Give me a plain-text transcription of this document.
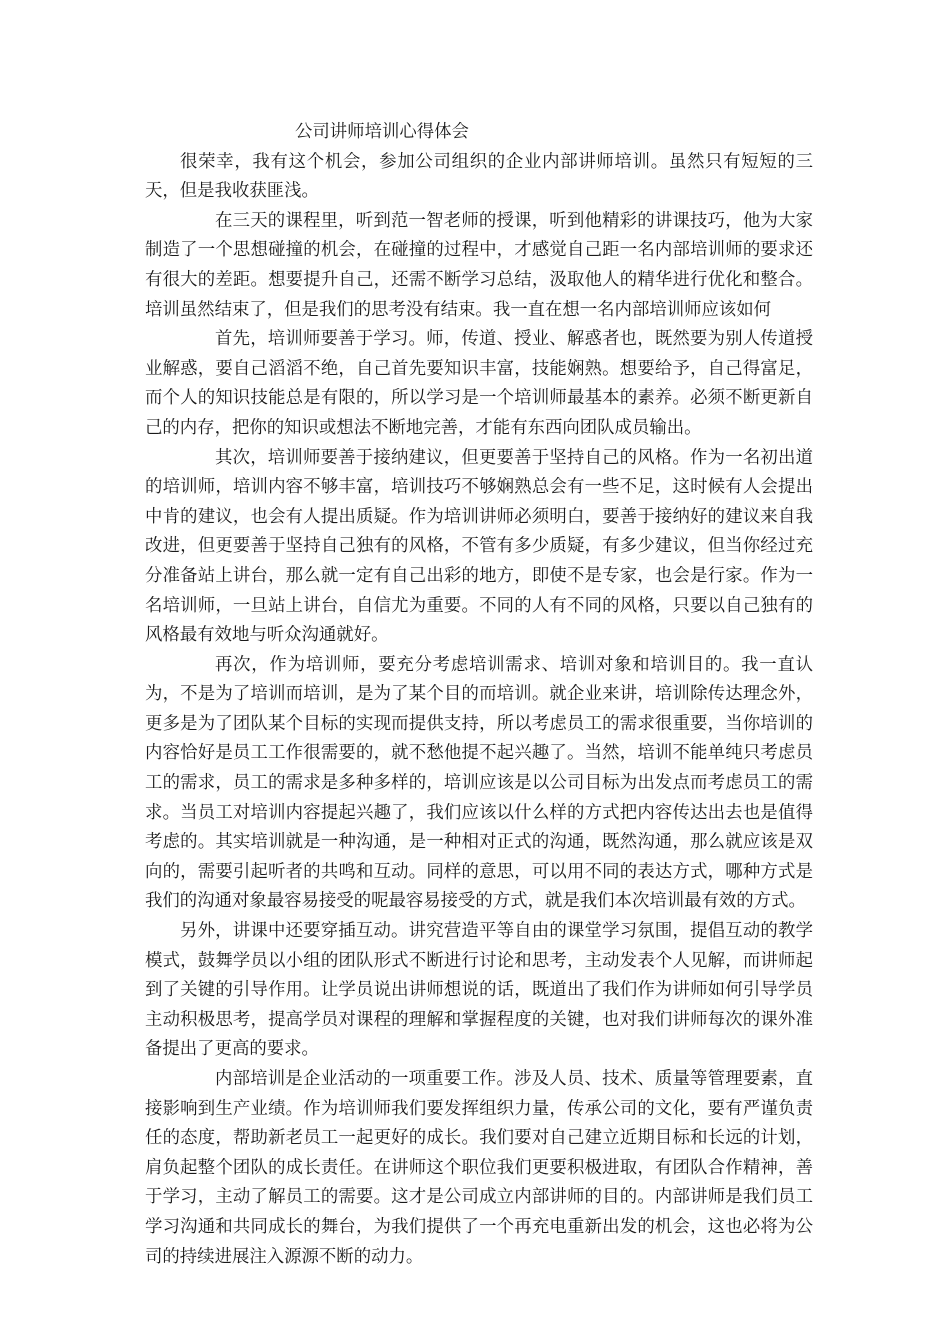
公司讲师培训心得体会

很荣幸，我有这个机会，参加公司组织的企业内部讲师培训。虽然只有短短的三天，但是我收获匪浅。

在三天的课程里，听到范一智老师的授课，听到他精彩的讲课技巧，他为大家制造了一个思想碰撞的机会，在碰撞的过程中，才感觉自己距一名内部培训师的要求还有很大的差距。想要提升自己，还需不断学习总结，汲取他人的精华进行优化和整合。培训虽然结束了，但是我们的思考没有结束。我一直在想一名内部培训师应该如何

首先，培训师要善于学习。师，传道、授业、解惑者也，既然要为别人传道授业解惑，要自己滔滔不绝，自己首先要知识丰富，技能娴熟。想要给予，自己得富足，而个人的知识技能总是有限的，所以学习是一个培训师最基本的素养。必须不断更新自己的内存，把你的知识或想法不断地完善，才能有东西向团队成员输出。

其次，培训师要善于接纳建议，但更要善于坚持自己的风格。作为一名初出道的培训师，培训内容不够丰富，培训技巧不够娴熟总会有一些不足，这时候有人会提出中肯的建议，也会有人提出质疑。作为培训讲师必须明白，要善于接纳好的建议来自我改进，但更要善于坚持自己独有的风格，不管有多少质疑，有多少建议，但当你经过充分准备站上讲台，那么就一定有自己出彩的地方，即使不是专家，也会是行家。作为一名培训师，一旦站上讲台，自信尤为重要。不同的人有不同的风格，只要以自己独有的风格最有效地与听众沟通就好。

再次，作为培训师，要充分考虑培训需求、培训对象和培训目的。我一直认为，不是为了培训而培训，是为了某个目的而培训。就企业来讲，培训除传达理念外，更多是为了团队某个目标的实现而提供支持，所以考虑员工的需求很重要，当你培训的内容恰好是员工工作很需要的，就不愁他提不起兴趣了。当然，培训不能单纯只考虑员工的需求，员工的需求是多种多样的，培训应该是以公司目标为出发点而考虑员工的需求。当员工对培训内容提起兴趣了，我们应该以什么样的方式把内容传达出去也是值得考虑的。其实培训就是一种沟通，是一种相对正式的沟通，既然沟通，那么就应该是双向的，需要引起听者的共鸣和互动。同样的意思，可以用不同的表达方式，哪种方式是我们的沟通对象最容易接受的呢最容易接受的方式，就是我们本次培训最有效的方式。

另外，讲课中还要穿插互动。讲究营造平等自由的课堂学习氛围，提倡互动的教学模式，鼓舞学员以小组的团队形式不断进行讨论和思考，主动发表个人见解，而讲师起到了关键的引导作用。让学员说出讲师想说的话，既道出了我们作为讲师如何引导学员主动积极思考，提高学员对课程的理解和掌握程度的关键，也对我们讲师每次的课外准备提出了更高的要求。

内部培训是企业活动的一项重要工作。涉及人员、技术、质量等管理要素，直接影响到生产业绩。作为培训师我们要发挥组织力量，传承公司的文化，要有严谨负责任的态度，帮助新老员工一起更好的成长。我们要对自己建立近期目标和长远的计划，肩负起整个团队的成长责任。在讲师这个职位我们更要积极进取，有团队合作精神，善于学习，主动了解员工的需要。这才是公司成立内部讲师的目的。内部讲师是我们员工学习沟通和共同成长的舞台，为我们提供了一个再充电重新出发的机会，这也必将为公司的持续进展注入源源不断的动力。
